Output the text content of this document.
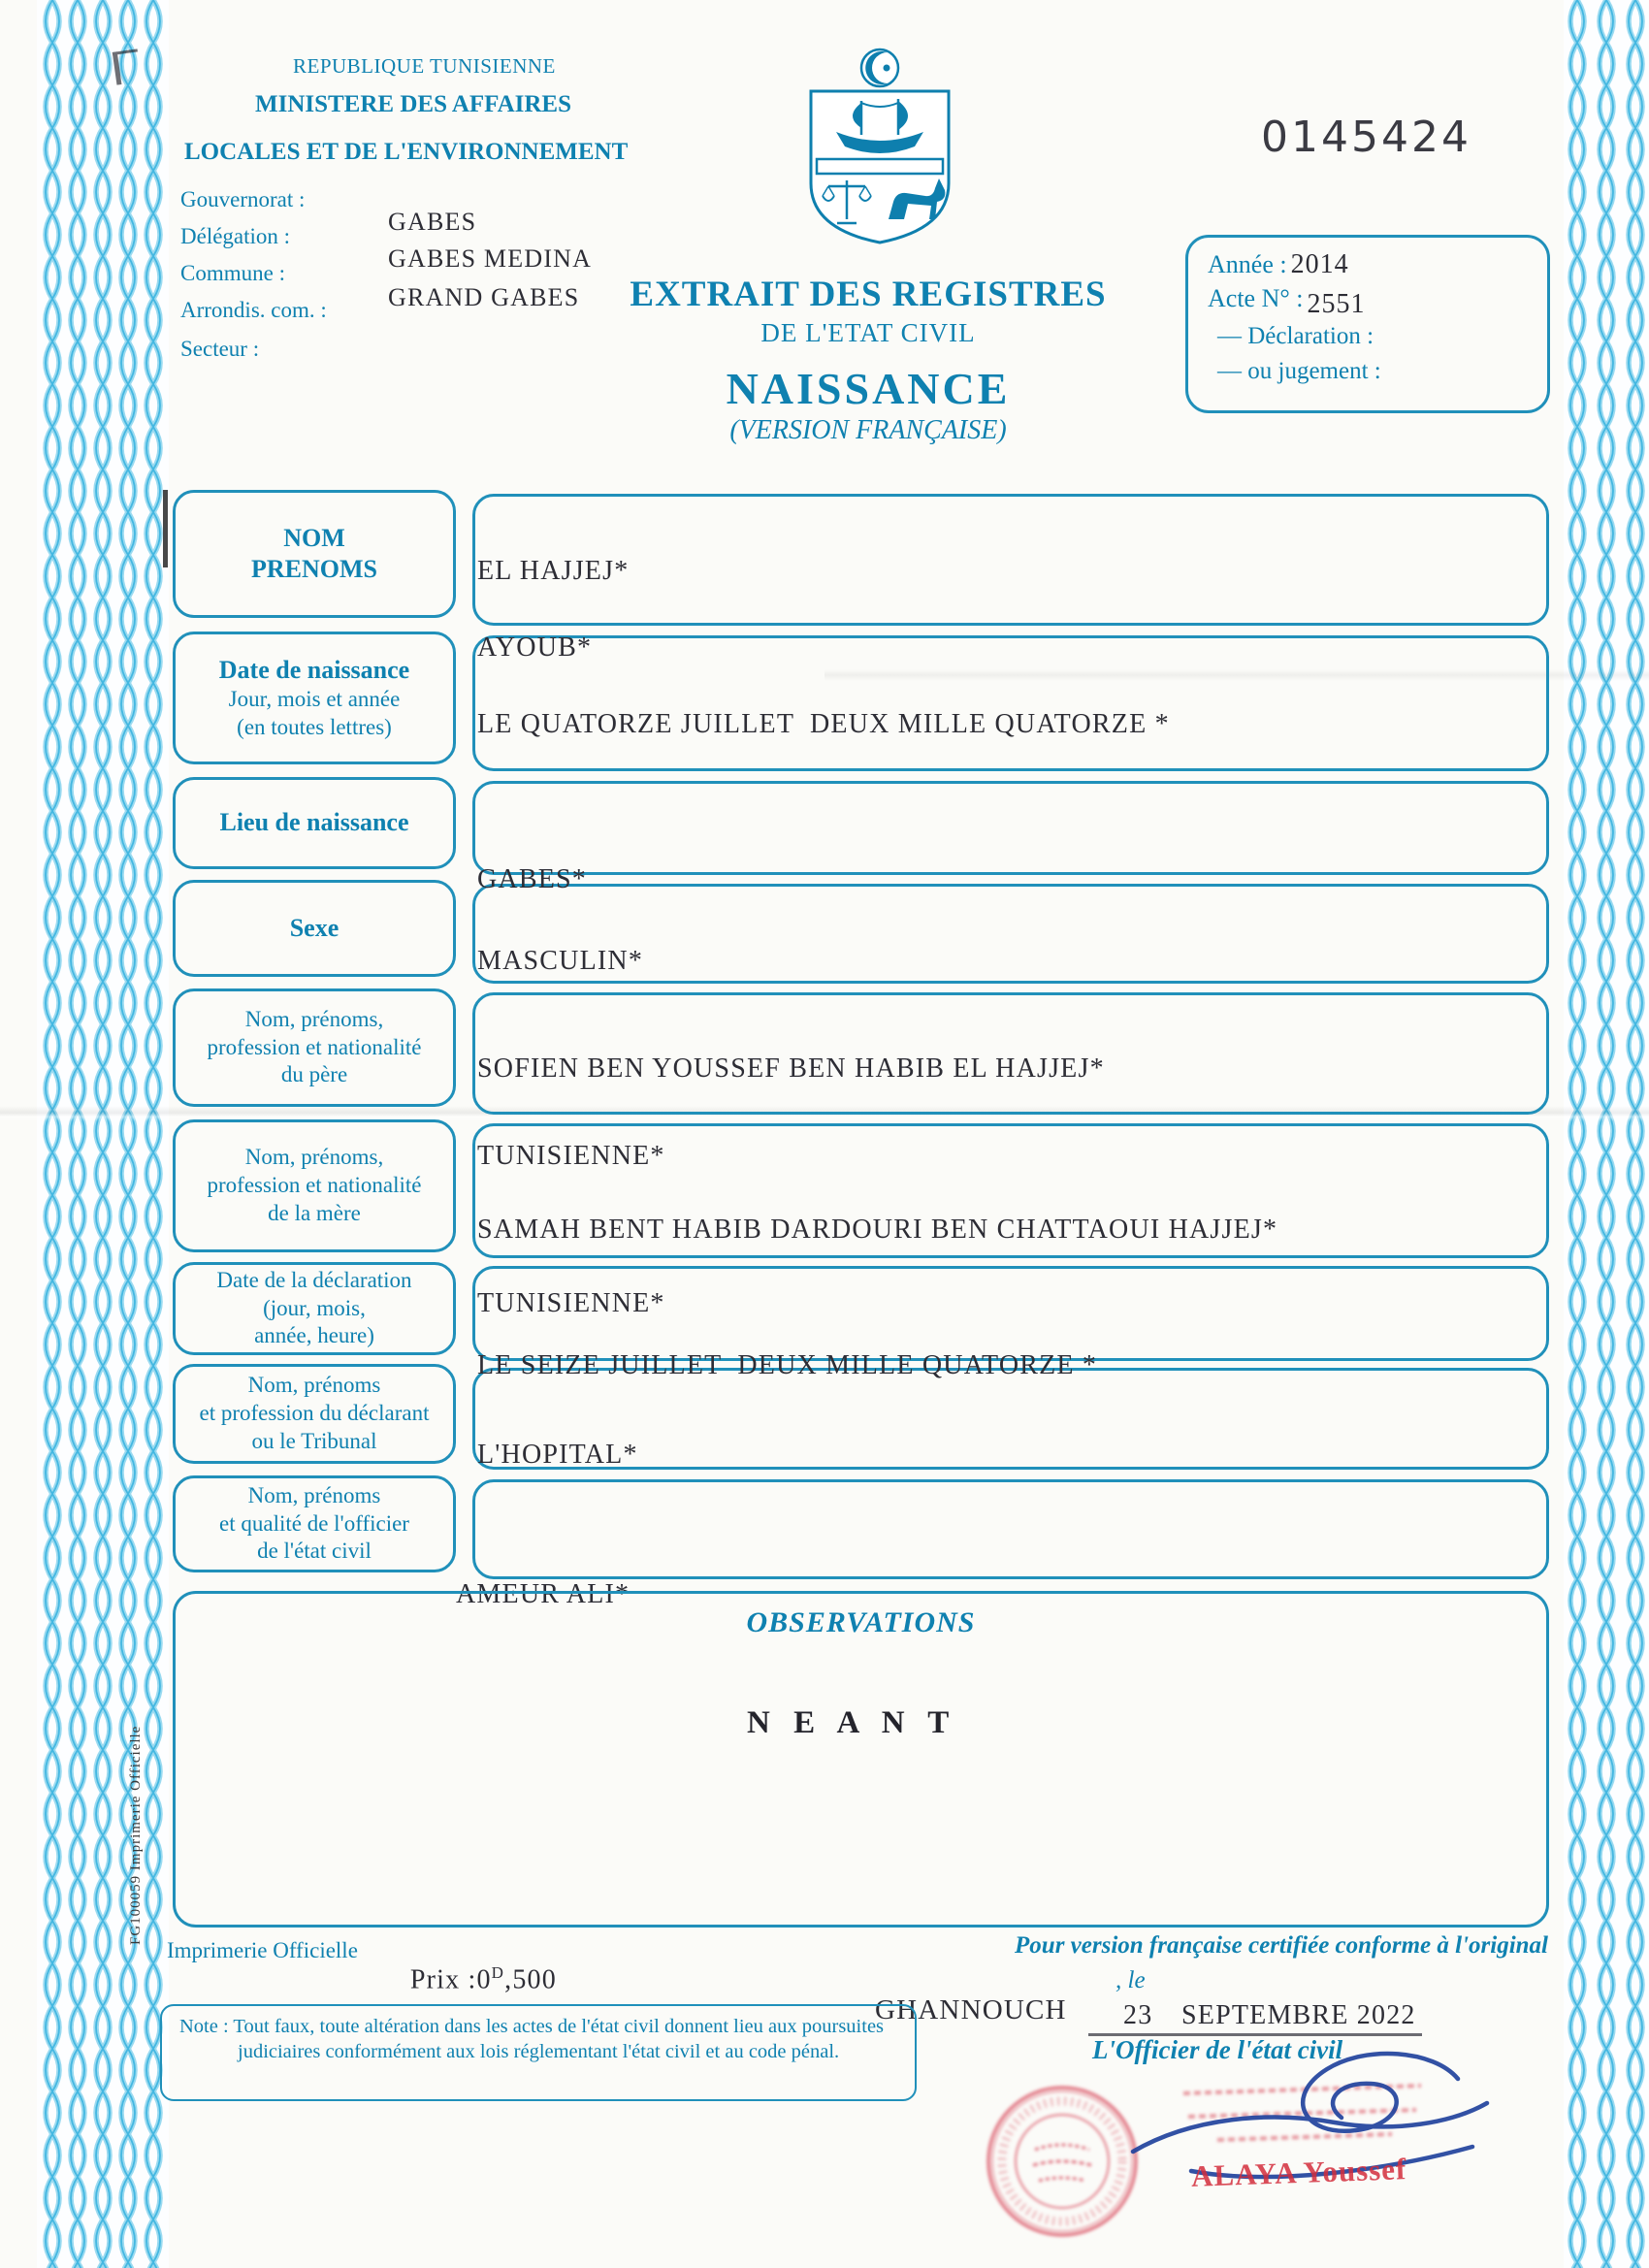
REPUBLIQUE TUNISIENNE
MINISTERE DES AFFAIRES
LOCALES ET DE L'ENVIRONNEMENT
Gouvernorat :
Délégation :
Commune :
Arrondis. com. :
Secteur :
GABES
GABES MEDINA
GRAND GABES	EXTRAIT DES REGISTRES
DE L'ETAT CIVIL
NAISSANCE
(VERSION FRANÇAISE)
0145424
Année : 2014
Acte N° : 2551
— Déclaration :
— ou jugement :
NOM
PRENOMS
Date de naissance
Jour, mois et année
(en toutes lettres)
Lieu de naissance
Sexe
Nom, prénoms,
profession et nationalité
du père
Nom, prénoms,
profession et nationalité
de la mère
Date de la déclaration
(jour, mois,
année, heure)
Nom, prénoms
et profession du déclarant
ou le Tribunal
Nom, prénoms
et qualité de l'officier
de l'état civil
EL HAJJEJ*
AYOUB*
LE QUATORZE JUILLET  DEUX MILLE QUATORZE *
GABES*
MASCULIN*
SOFIEN BEN YOUSSEF BEN HABIB EL HAJJEJ*
TUNISIENNE*
SAMAH BENT HABIB DARDOURI BEN CHATTAOUI HAJJEJ*
TUNISIENNE*
LE SEIZE JUILLET  DEUX MILLE QUATORZE *
L'HOPITAL*
AMEUR ALI*
OBSERVATIONS
N E A N T
Imprimerie Officielle

Prix $:0^D,500$

Pour version française certifiée conforme à l'original
, le
GHANNOUCH 23 SEPTEMBRE 2022
L'Officier de l'état civil
Note : Tout faux, toute altération dans les actes de l'état civil donnent lieu aux poursuites judiciaires conformément aux lois réglementant l'état civil et au code pénal.
ALAYA Youssef
FG100059 Imprimerie Officielle
